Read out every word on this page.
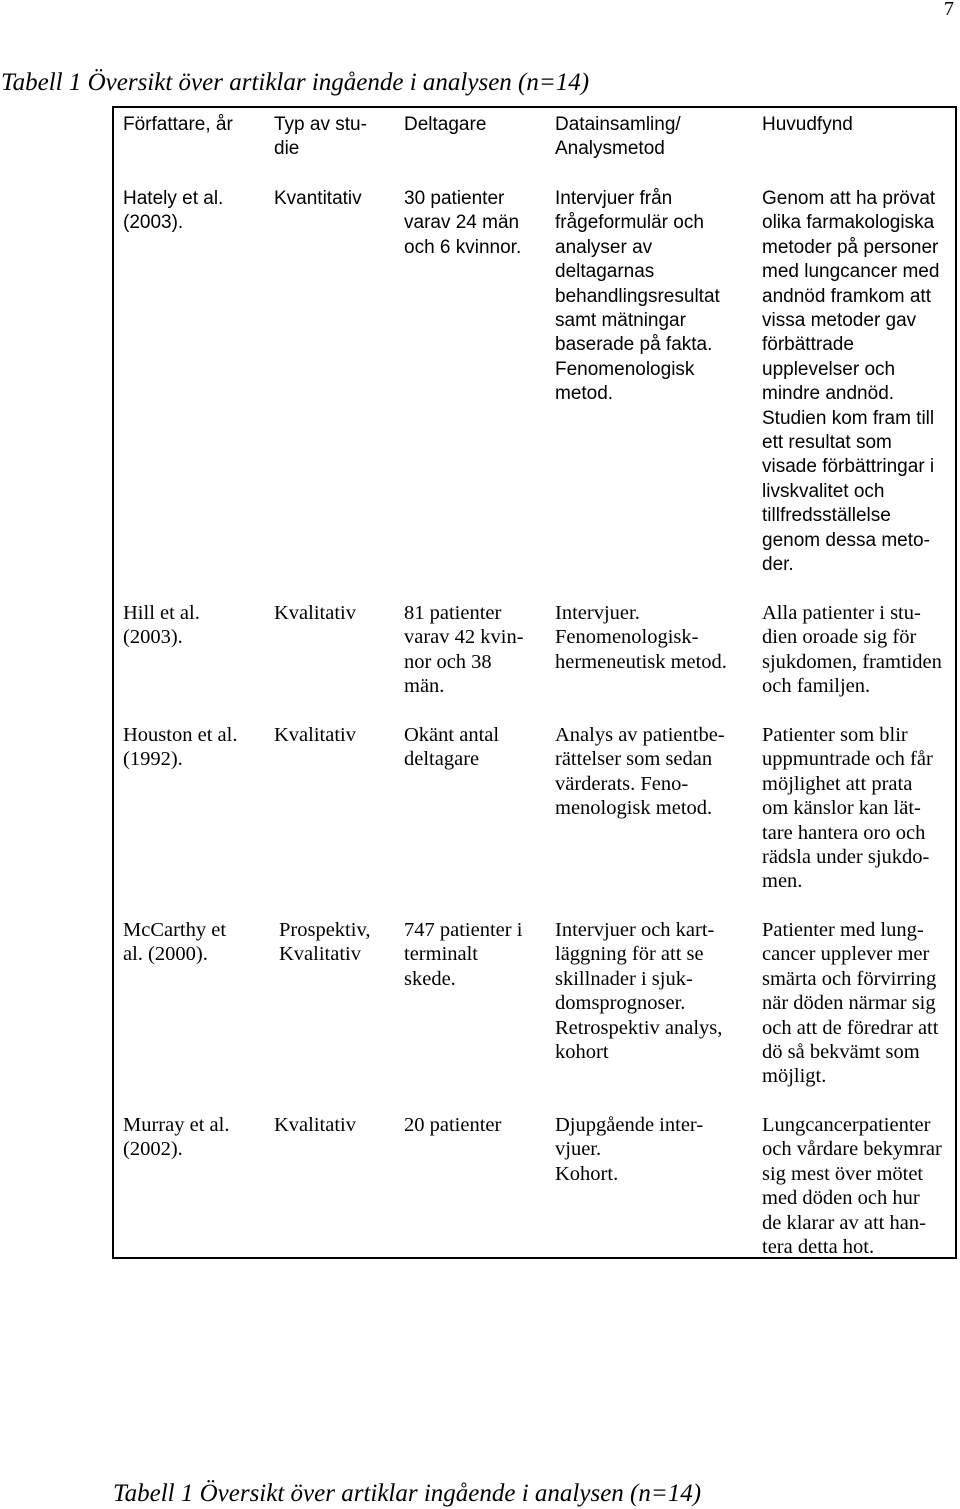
7
Tabell 1 Översikt över artiklar ingående i analysen (n=14)
Författare, år Typ av stu-
die
Deltagare	Datainsamling/
Analysmetod
Huvudfynd
Hately et al.
(2003).
Kvantitativ 30 patienter
varav 24 män
och 6 kvinnor.
Intervjuer från
frågeformulär och
analyser av
deltagarnas
behandlingsresultat
samt mätningar
baserade på fakta.
Fenomenologisk
metod.
Genom att ha prövat
olika farmakologiska
metoder på personer
med lungcancer med
andnöd framkom att
vissa metoder gav
förbättrade
upplevelser och
mindre andnöd.
Studien kom fram till
ett resultat som
visade förbättringar i
livskvalitet och
tillfredsställelse
genom dessa meto-
der.
Hill et al.
(2003).
Kvalitativ 81 patienter
varav 42 kvin-
nor och 38
män.
Intervjuer.
Fenomenologisk-
hermeneutisk metod.
Alla patienter i stu-
dien oroade sig för
sjukdomen, framtiden
och familjen.
Houston et al.
(1992).
Kvalitativ Okänt antal
deltagare
Analys av patientbe-
rättelser som sedan
värderats. Feno-
menologisk metod.
Patienter som blir
uppmuntrade och får
möjlighet att prata
om känslor kan lät-
tare hantera oro och
rädsla under sjukdo-
men.
McCarthy et
al. (2000).
Prospektiv,
Kvalitativ
747 patienter i
terminalt
skede.
Intervjuer och kart-
läggning för att se
skillnader i sjuk-
domsprognoser.
Retrospektiv analys,
kohort
Patienter med lung-
cancer upplever mer
smärta och förvirring
när döden närmar sig
och att de föredrar att
dö så bekvämt som
möjligt.
Murray et al.
(2002).
Kvalitativ 20 patienter	Djupgående inter-
vjuer.
Kohort.
Lungcancerpatienter
och vårdare bekymrar
sig mest över mötet
med döden och hur
de klarar av att han-
tera detta hot.
Tabell 1 Översikt över artiklar ingående i analysen (n=14)
